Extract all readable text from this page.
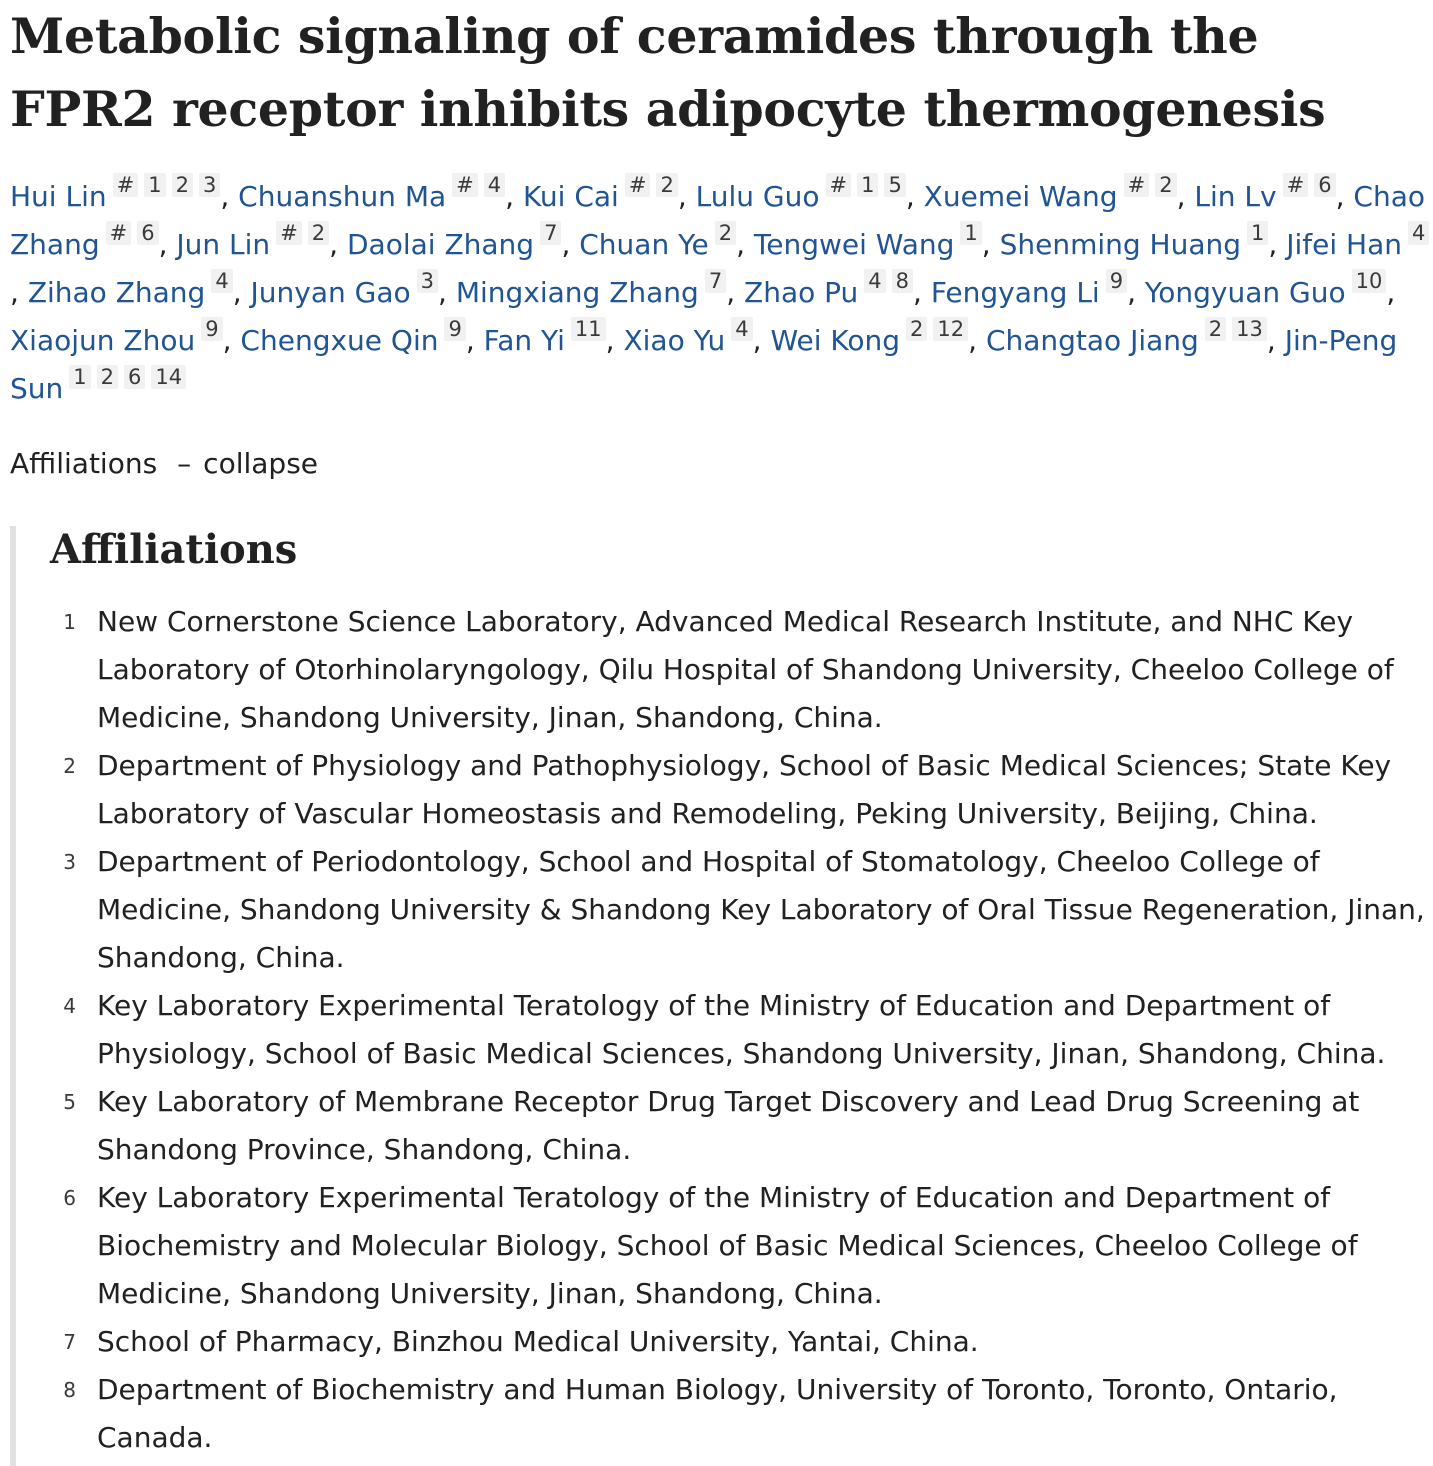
Metabolic signaling of ceramides through the FPR2 receptor inhibits adipocyte thermogenesis
Hui Lin # 1 2 3 , Chuanshun Ma # 4 , Kui Cai # 2 , Lulu Guo # 1 5 , Xuemei Wang # 2 , Lin Lv # 6 , Chao Zhang # 6 , Jun Lin # 2 , Daolai Zhang 7 , Chuan Ye 2 , Tengwei Wang 1 , Shenming Huang 1 , Jifei Han 4, Zihao Zhang 4 , Junyan Gao 3 , Mingxiang Zhang 7 , Zhao Pu 4 8 , Fengyang Li 9 , Yongyuan Guo 10 , Xiaojun Zhou 9 , Chengxue Qin 9 , Fan Yi 11 , Xiao Yu 4 , Wei Kong 2 12 , Changtao Jiang 2 13 , Jin-Peng Sun 1 2 6 14
Affiliations – collapse
Affiliations
1 New Cornerstone Science Laboratory, Advanced Medical Research Institute, and NHC Key Laboratory of Otorhinolaryngology, Qilu Hospital of Shandong University, Cheeloo College of Medicine, Shandong University, Jinan, Shandong, China.
2 Department of Physiology and Pathophysiology, School of Basic Medical Sciences; State Key Laboratory of Vascular Homeostasis and Remodeling, Peking University, Beijing, China.
3 Department of Periodontology, School and Hospital of Stomatology, Cheeloo College of Medicine, Shandong University & Shandong Key Laboratory of Oral Tissue Regeneration, Jinan, Shandong, China.
4 Key Laboratory Experimental Teratology of the Ministry of Education and Department of Physiology, School of Basic Medical Sciences, Shandong University, Jinan, Shandong, China.
5 Key Laboratory of Membrane Receptor Drug Target Discovery and Lead Drug Screening at Shandong Province, Shandong, China.
6 Key Laboratory Experimental Teratology of the Ministry of Education and Department of Biochemistry and Molecular Biology, School of Basic Medical Sciences, Cheeloo College of Medicine, Shandong University, Jinan, Shandong, China.
7 School of Pharmacy, Binzhou Medical University, Yantai, China.
8 Department of Biochemistry and Human Biology, University of Toronto, Toronto, Ontario, Canada.
